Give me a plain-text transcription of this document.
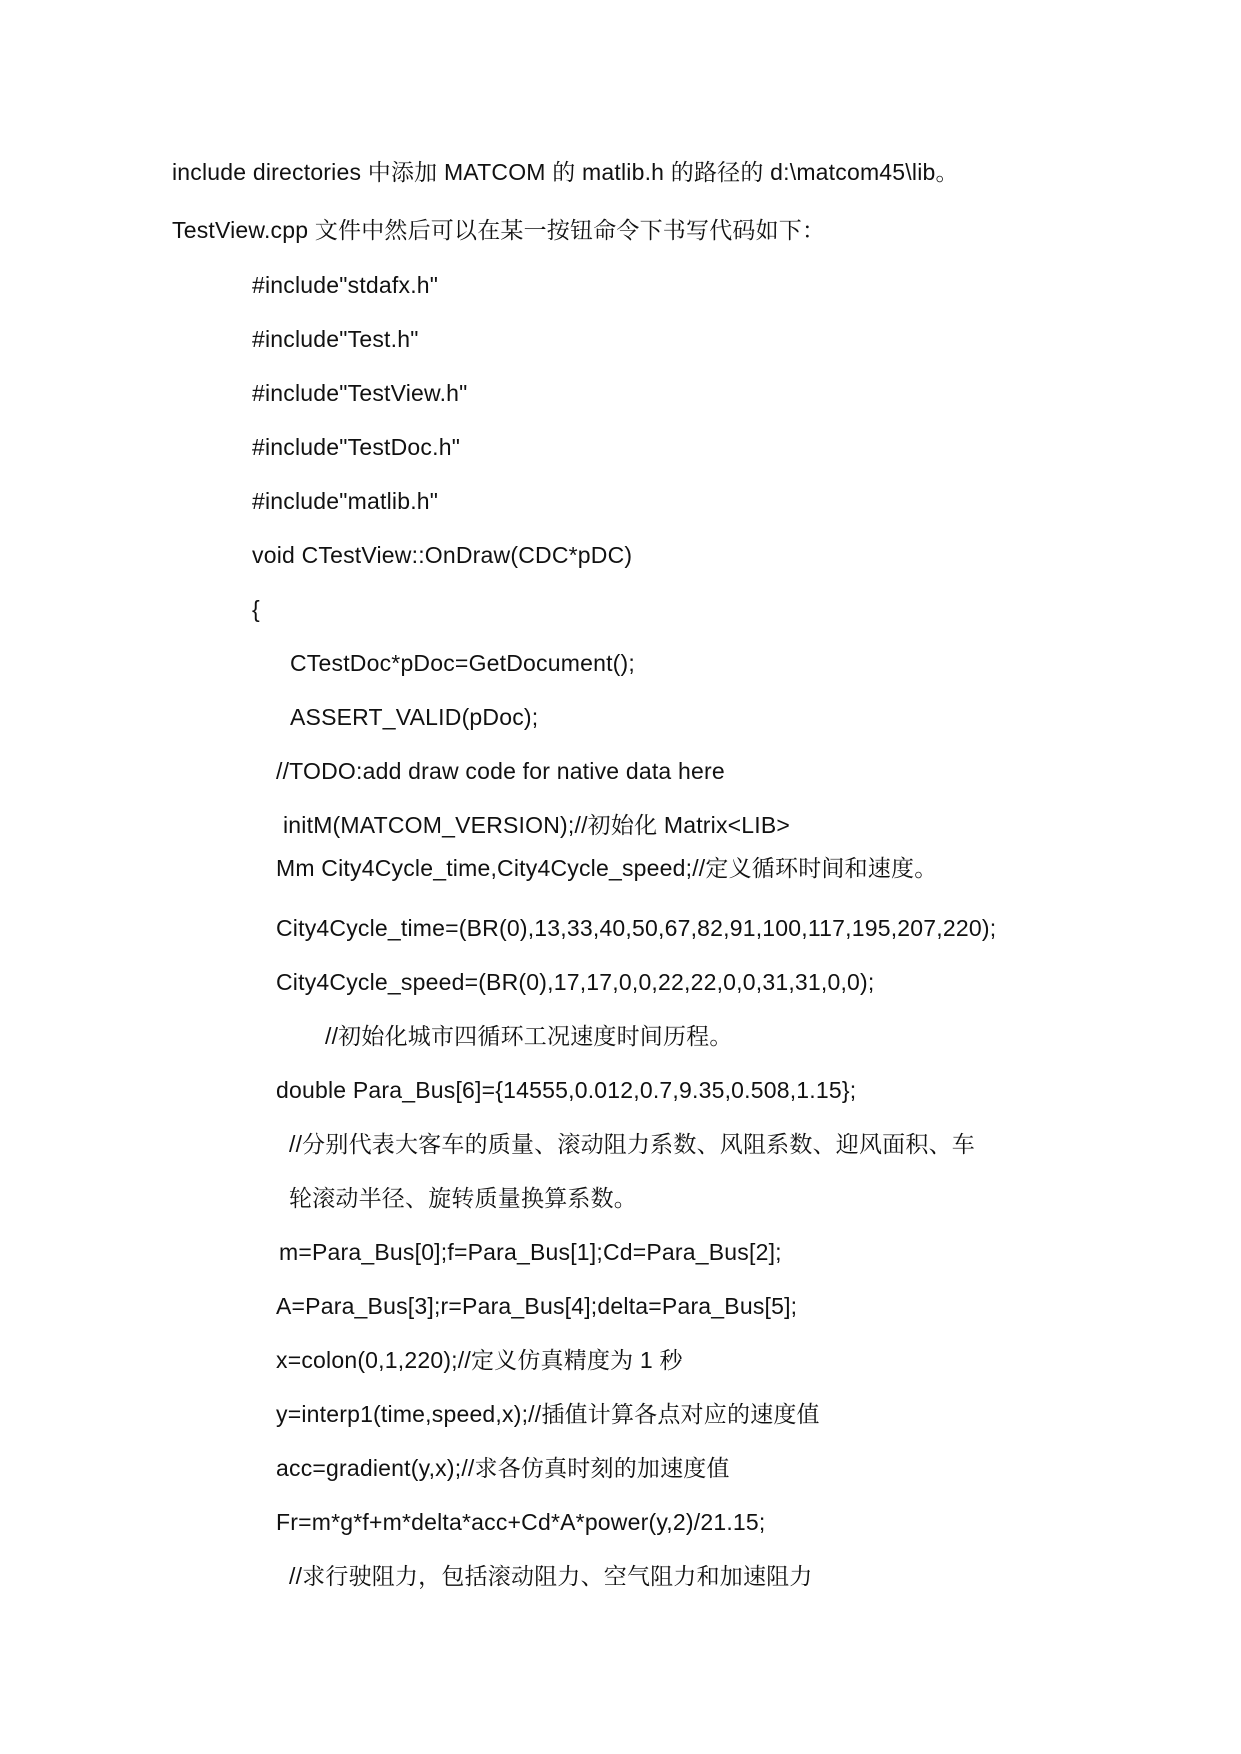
include directories 中添加 MATCOM 的 matlib.h 的路径的 d:\matcom45\lib。
TestView.cpp 文件中然后可以在某一按钮命令下书写代码如下：
#include"stdafx.h"
#include"Test.h"
#include"TestView.h"
#include"TestDoc.h"
#include"matlib.h"
void CTestView::OnDraw(CDC*pDC)
{
CTestDoc*pDoc=GetDocument();
ASSERT_VALID(pDoc);
//TODO:add draw code for native data here
initM(MATCOM_VERSION);//初始化 Matrix<LIB>
Mm City4Cycle_time,City4Cycle_speed;//定义循环时间和速度。
City4Cycle_time=(BR(0),13,33,40,50,67,82,91,100,117,195,207,220);
City4Cycle_speed=(BR(0),17,17,0,0,22,22,0,0,31,31,0,0);
//初始化城市四循环工况速度时间历程。
double Para_Bus[6]={14555,0.012,0.7,9.35,0.508,1.15};
//分别代表大客车的质量、滚动阻力系数、风阻系数、迎风面积、车
轮滚动半径、旋转质量换算系数。
m=Para_Bus[0];f=Para_Bus[1];Cd=Para_Bus[2];
A=Para_Bus[3];r=Para_Bus[4];delta=Para_Bus[5];
x=colon(0,1,220);//定义仿真精度为 1 秒
y=interp1(time,speed,x);//插值计算各点对应的速度值
acc=gradient(y,x);//求各仿真时刻的加速度值
Fr=m*g*f+m*delta*acc+Cd*A*power(y,2)/21.15;
//求行驶阻力，包括滚动阻力、空气阻力和加速阻力
